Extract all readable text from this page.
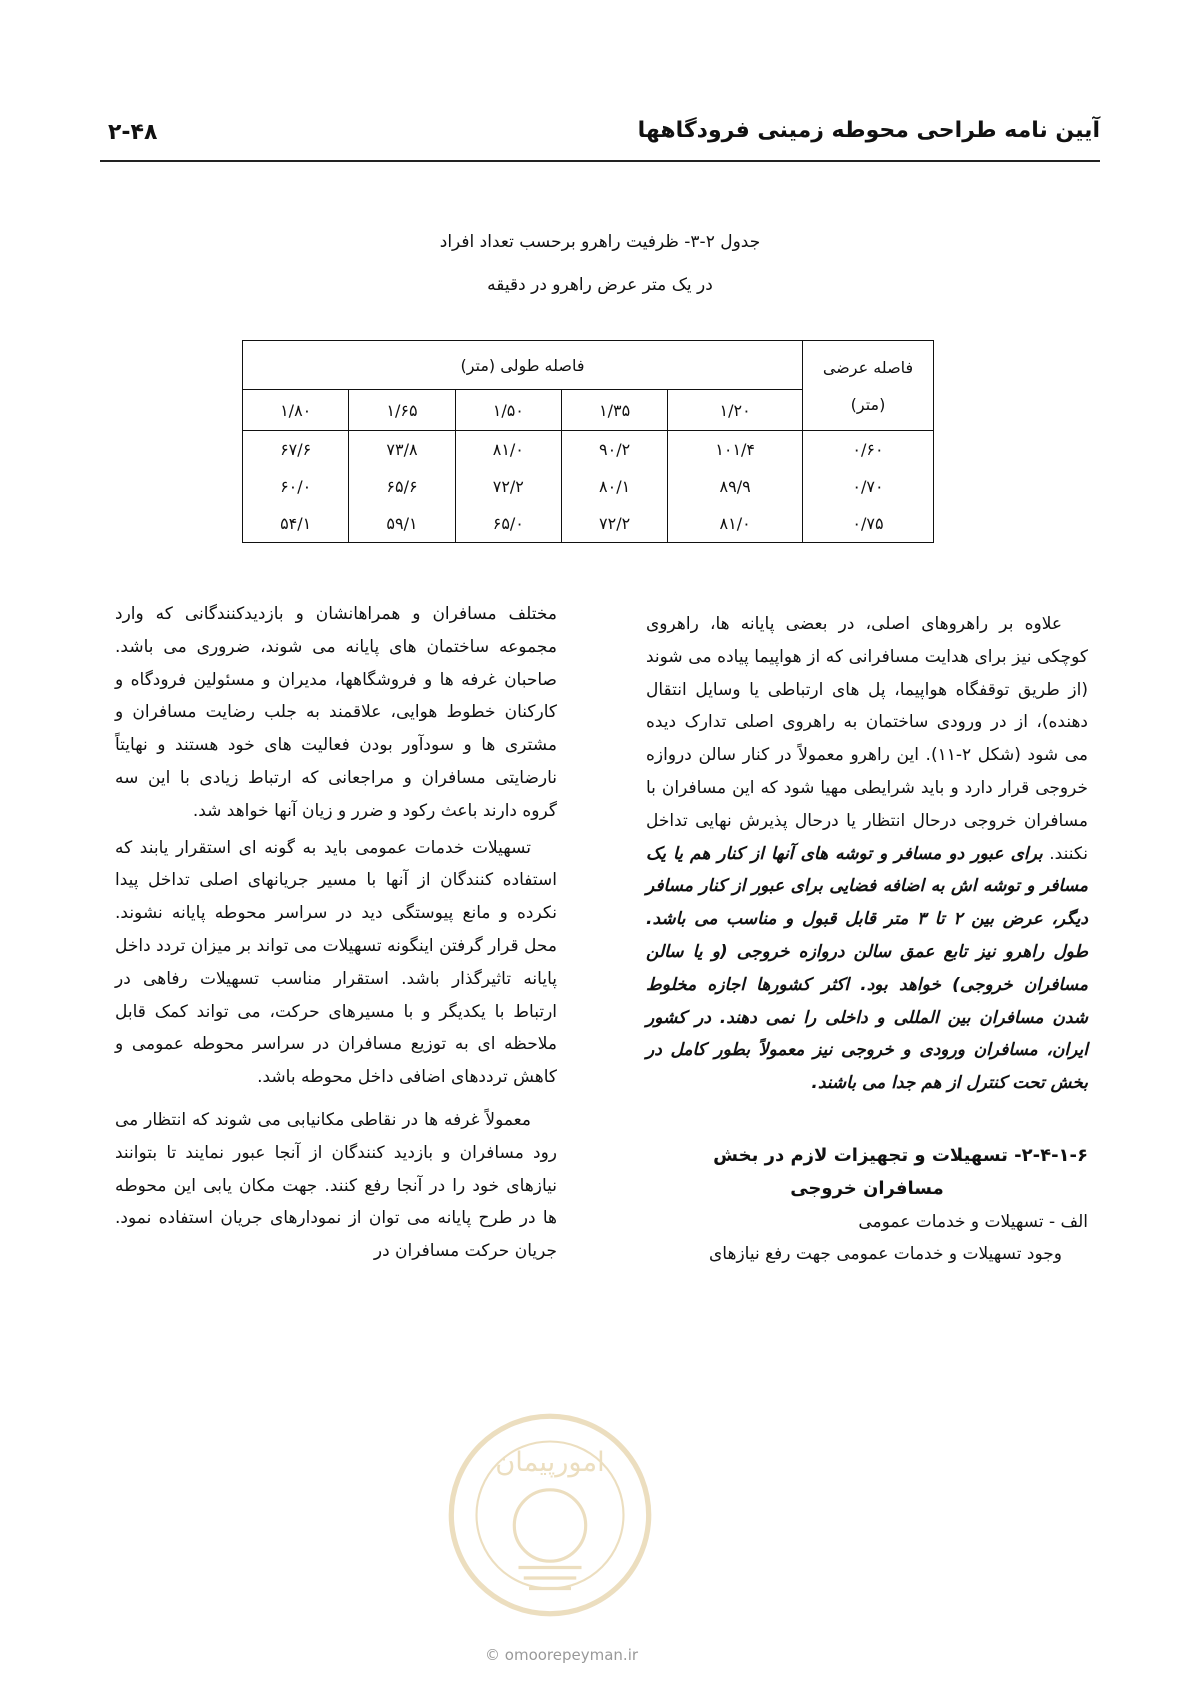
آیین نامه طراحی محوطه زمینی فرودگاهها
۲-۴۸
جدول ۲-۳- ظرفیت راهرو برحسب تعداد افراد
در یک متر عرض راهرو در دقیقه
فاصله عرضی
(متر)	فاصله طولی (متر)				
	۱/۲۰	۱/۳۵	۱/۵۰	۱/۶۵	۱/۸۰
۰/۶۰	۱۰۱/۴	۹۰/۲	۸۱/۰	۷۳/۸	۶۷/۶
۰/۷۰	۸۹/۹	۸۰/۱	۷۲/۲	۶۵/۶	۶۰/۰
۰/۷۵	۸۱/۰	۷۲/۲	۶۵/۰	۵۹/۱	۵۴/۱

علاوه بر راهروهای اصلی، در بعضی پایانه ها، راهروی کوچکی نیز برای هدایت مسافرانی که از هواپیما پیاده می شوند (از طریق توقفگاه هواپیما، پل های ارتباطی یا وسایل انتقال دهنده)، از در ورودی ساختمان به راهروی اصلی تدارک دیده می شود (شکل ۲-۱۱). این راهرو معمولاً در کنار سالن دروازه خروجی قرار دارد و باید شرایطی مهیا شود که این مسافران با مسافران خروجی درحال انتظار یا درحال پذیرش نهایی تداخل نکنند. برای عبور دو مسافر و توشه های آنها از کنار هم یا یک مسافر و توشه اش به اضافه فضایی برای عبور از کنار مسافر دیگر، عرض بین ۲ تا ۳ متر قابل قبول و مناسب می باشد. طول راهرو نیز تابع عمق سالن دروازه خروجی (و یا سالن مسافران خروجی) خواهد بود. اکثر کشورها اجازه مخلوط شدن مسافران بین المللی و داخلی را نمی دهند. در کشور ایران، مسافران ورودی و خروجی نیز معمولاً بطور کامل در بخش تحت کنترل از هم جدا می باشند.

۲-۴-۱-۶- تسهیلات و تجهیزات لازم در بخش

مسافران خروجی

الف - تسهیلات و خدمات عمومی

وجود تسهیلات و خدمات عمومی جهت رفع نیازهای

مختلف مسافران و همراهانشان و بازدیدکنندگانی که وارد مجموعه ساختمان های پایانه می شوند، ضروری می باشد. صاحبان غرفه ها و فروشگاهها، مدیران و مسئولین فرودگاه و کارکنان خطوط هوایی، علاقمند به جلب رضایت مسافران و مشتری ها و سودآور بودن فعالیت های خود هستند و نهایتاً نارضایتی مسافران و مراجعانی که ارتباط زیادی با این سه گروه دارند باعث رکود و ضرر و زیان آنها خواهد شد.

تسهیلات خدمات عمومی باید به گونه ای استقرار یابند که استفاده کنندگان از آنها با مسیر جریانهای اصلی تداخل پیدا نکرده و مانع پیوستگی دید در سراسر محوطه پایانه نشوند. محل قرار گرفتن اینگونه تسهیلات می تواند بر میزان تردد داخل پایانه تاثیرگذار باشد. استقرار مناسب تسهیلات رفاهی در ارتباط با یکدیگر و با مسیرهای حرکت، می تواند کمک قابل ملاحظه ای به توزیع مسافران در سراسر محوطه عمومی و کاهش ترددهای اضافی داخل محوطه باشد.

معمولاً غرفه ها در نقاطی مکانیابی می شوند که انتظار می رود مسافران و بازدید کنندگان از آنجا عبور نمایند تا بتوانند نیازهای خود را در آنجا رفع کنند. جهت مکان یابی این محوطه ها در طرح پایانه می توان از نمودارهای جریان استفاده نمود. جریان حرکت مسافران در

امورپیمان
© omoorepeyman.ir
